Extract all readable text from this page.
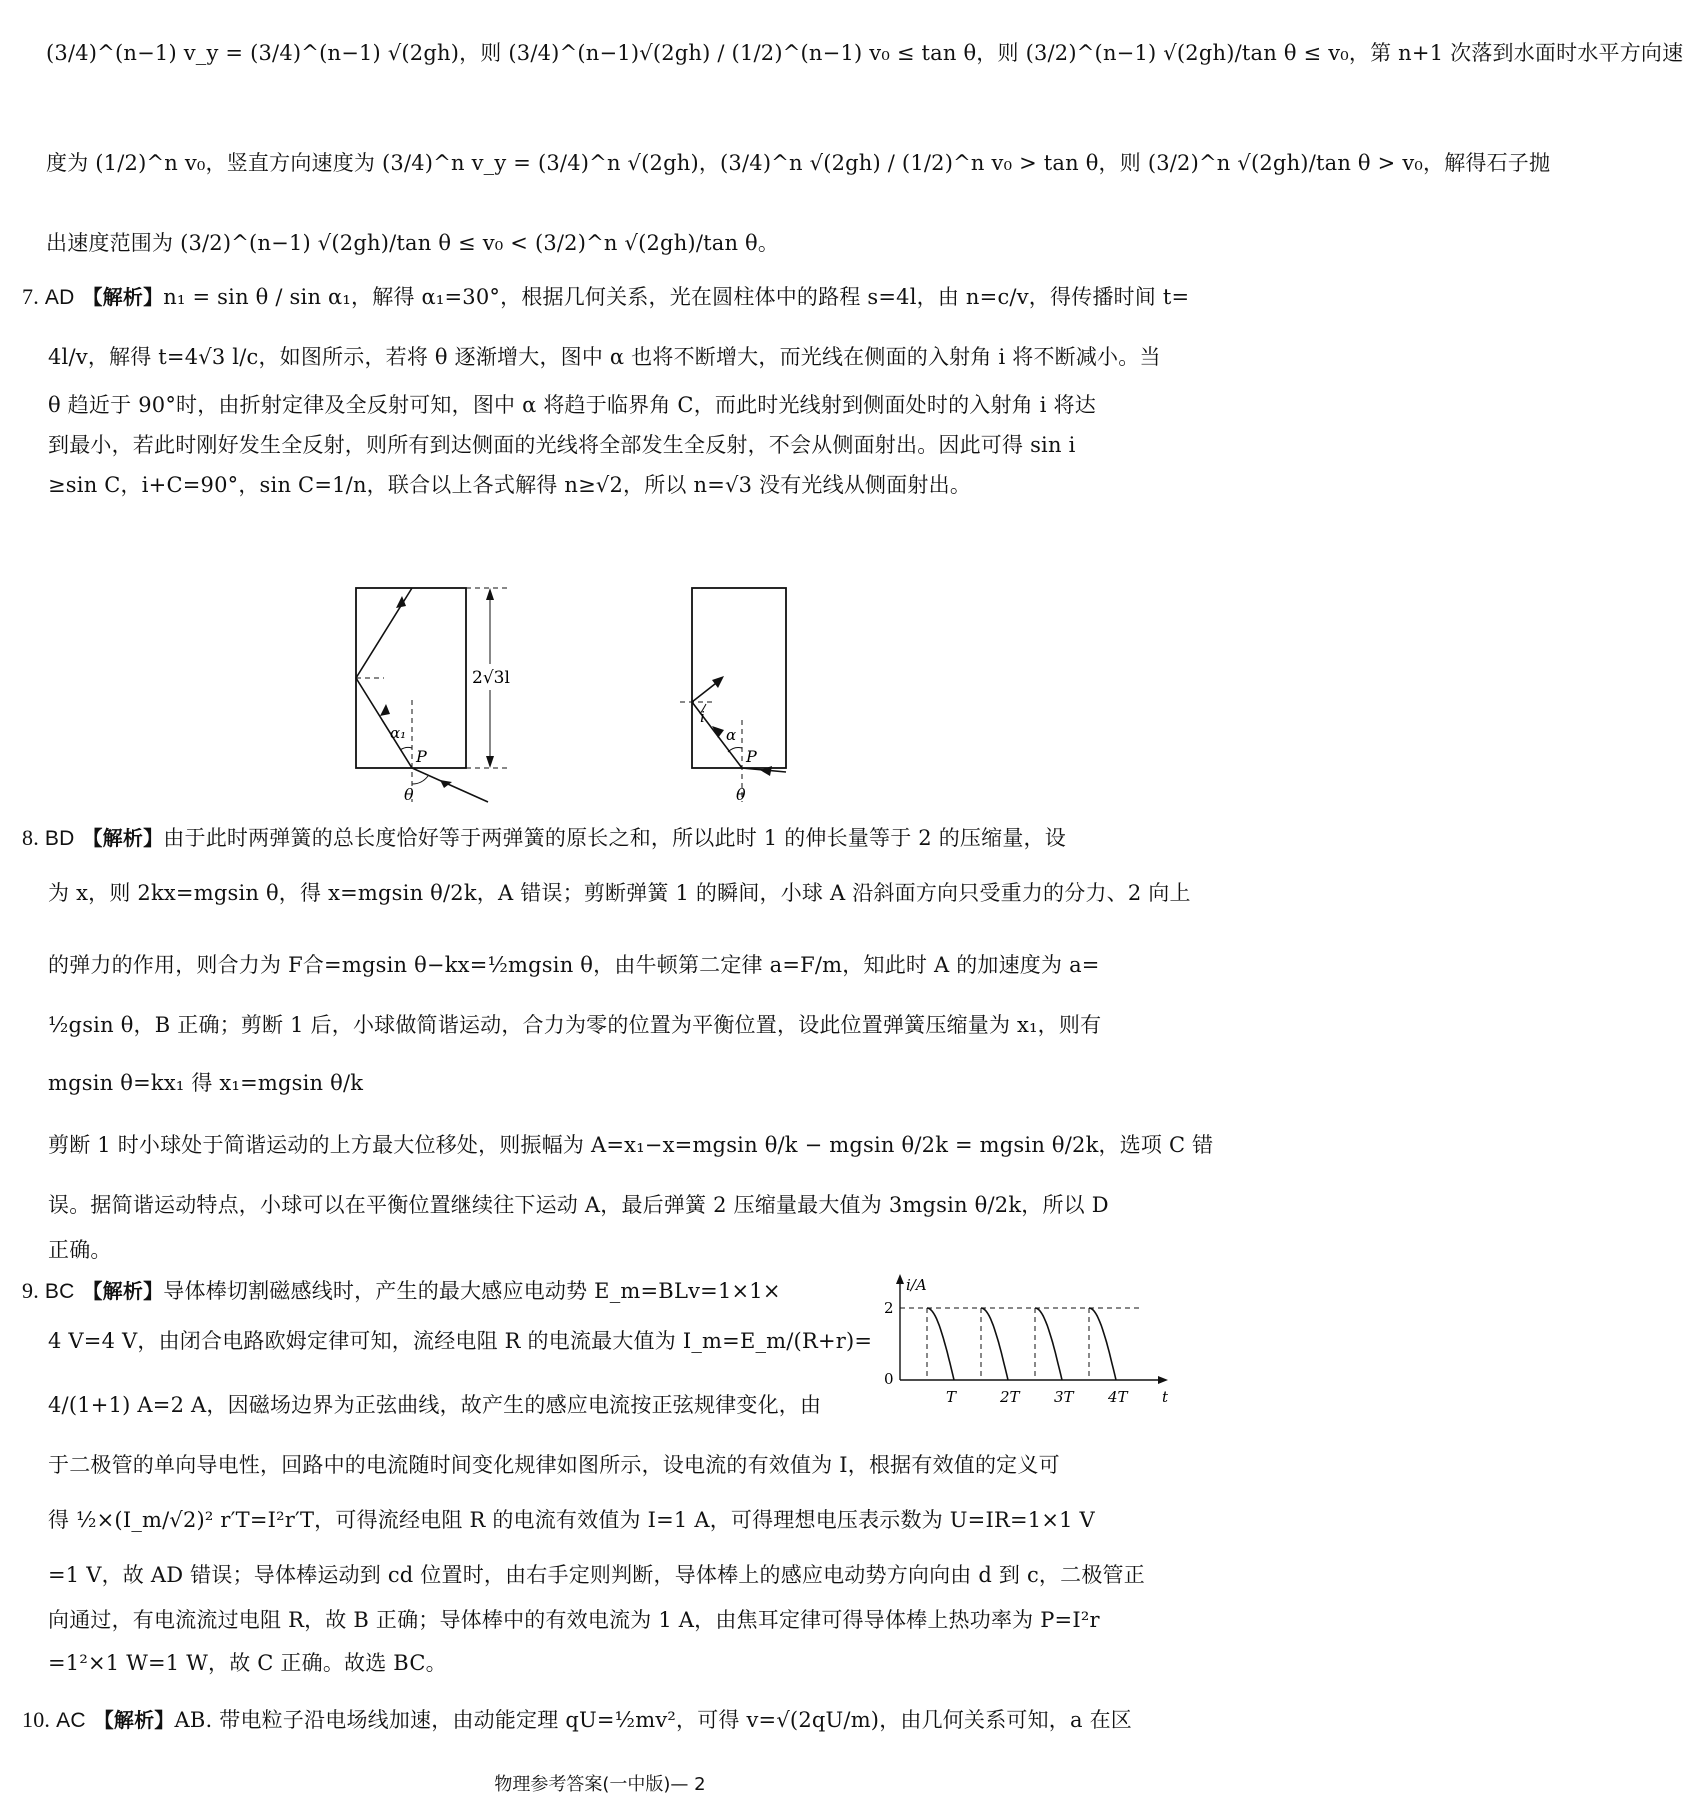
(3/4)^(n−1) v_y = (3/4)^(n−1) √(2gh)，则 (3/4)^(n−1)√(2gh) / (1/2)^(n−1) v₀ ≤ tan θ，则 (3/2)^(n−1) √(2gh)/tan θ ≤ v₀，第 n+1 次落到水面时水平方向速
度为 (1/2)^n v₀，竖直方向速度为 (3/4)^n v_y = (3/4)^n √(2gh)，(3/4)^n √(2gh) / (1/2)^n v₀ > tan θ，则 (3/2)^n √(2gh)/tan θ > v₀，解得石子抛
出速度范围为 (3/2)^(n−1) √(2gh)/tan θ ≤ v₀ < (3/2)^n √(2gh)/tan θ。
7. AD 【解析】n₁ = sin θ / sin α₁，解得 α₁=30°，根据几何关系，光在圆柱体中的路程 s=4l，由 n=c/v，得传播时间 t=
4l/v，解得 t=4√3 l/c，如图所示，若将 θ 逐渐增大，图中 α 也将不断增大，而光线在侧面的入射角 i 将不断减小。当
θ 趋近于 90°时，由折射定律及全反射可知，图中 α 将趋于临界角 C，而此时光线射到侧面处时的入射角 i 将达
到最小，若此时刚好发生全反射，则所有到达侧面的光线将全部发生全反射，不会从侧面射出。因此可得 sin i
≥sin C，i+C=90°，sin C=1/n，联合以上各式解得 n≥√2，所以 n=√3 没有光线从侧面射出。
2√3l
α₁
P
θ
i
α
P
θ
8. BD 【解析】由于此时两弹簧的总长度恰好等于两弹簧的原长之和，所以此时 1 的伸长量等于 2 的压缩量，设
为 x，则 2kx=mgsin θ，得 x=mgsin θ/2k，A 错误；剪断弹簧 1 的瞬间，小球 A 沿斜面方向只受重力的分力、2 向上
的弹力的作用，则合力为 F合=mgsin θ−kx=½mgsin θ，由牛顿第二定律 a=F/m，知此时 A 的加速度为 a=
½gsin θ，B 正确；剪断 1 后，小球做简谐运动，合力为零的位置为平衡位置，设此位置弹簧压缩量为 x₁，则有
mgsin θ=kx₁ 得 x₁=mgsin θ/k
剪断 1 时小球处于简谐运动的上方最大位移处，则振幅为 A=x₁−x=mgsin θ/k − mgsin θ/2k = mgsin θ/2k，选项 C 错
误。据简谐运动特点，小球可以在平衡位置继续往下运动 A，最后弹簧 2 压缩量最大值为 3mgsin θ/2k，所以 D
正确。
9. BC 【解析】导体棒切割磁感线时，产生的最大感应电动势 E_m=BLv=1×1×
4 V=4 V，由闭合电路欧姆定律可知，流经电阻 R 的电流最大值为 I_m=E_m/(R+r)=
4/(1+1) A=2 A，因磁场边界为正弦曲线，故产生的感应电流按正弦规律变化，由
i/A
t
0
2
T	2T 3T 4T
于二极管的单向导电性，回路中的电流随时间变化规律如图所示，设电流的有效值为 I，根据有效值的定义可
得 ½×(I_m/√2)² r′T=I²r′T，可得流经电阻 R 的电流有效值为 I=1 A，可得理想电压表示数为 U=IR=1×1 V
=1 V，故 AD 错误；导体棒运动到 cd 位置时，由右手定则判断，导体棒上的感应电动势方向向由 d 到 c，二极管正
向通过，有电流流过电阻 R，故 B 正确；导体棒中的有效电流为 1 A，由焦耳定律可得导体棒上热功率为 P=I²r
=1²×1 W=1 W，故 C 正确。故选 BC。
10. AC 【解析】AB. 带电粒子沿电场线加速，由动能定理 qU=½mv²，可得 v=√(2qU/m)，由几何关系可知，a 在区
物理参考答案(一中版)— 2
